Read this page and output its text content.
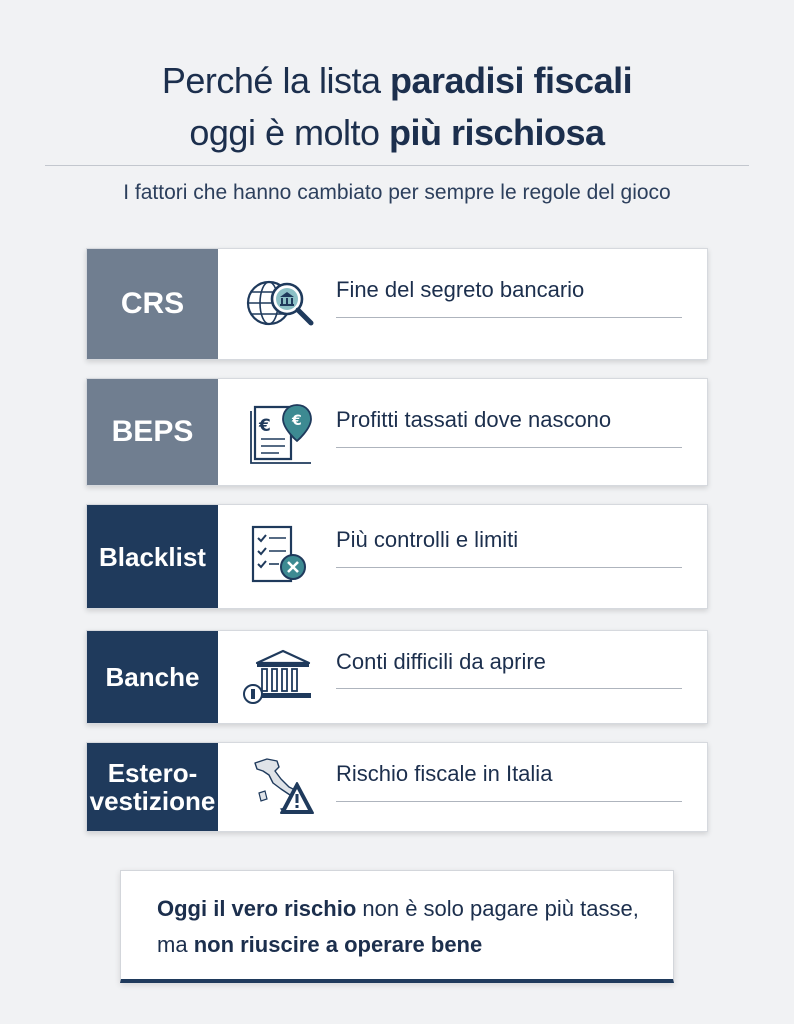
Perché la lista paradisi fiscali
oggi è molto più rischiosa
I fattori che hanno cambiato per sempre le regole del gioco
CRS	Fine del segreto bancario
BEPS	€ € Profitti tassati dove nascono
Blacklist
Più controlli e limiti
Banche
Conti difficili da aprire
Estero-
vestizione
Rischio fiscale in Italia
Oggi il vero rischio non è solo pagare più tasse, ma non riuscire a operare bene
